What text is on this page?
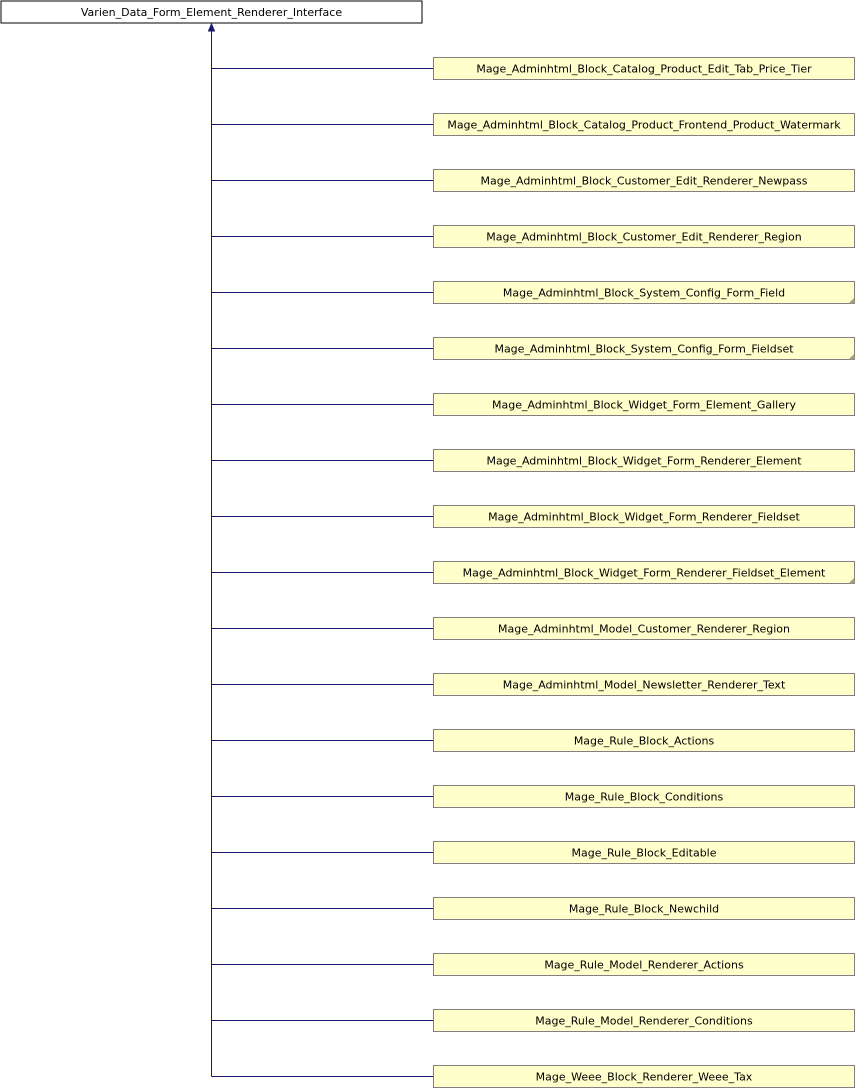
Varien_Data_Form_Element_Renderer_Interface
Mage_Adminhtml_Block_Catalog_Product_Edit_Tab_Price_Tier
Mage_Adminhtml_Block_Catalog_Product_Frontend_Product_Watermark
Mage_Adminhtml_Block_Customer_Edit_Renderer_Newpass
Mage_Adminhtml_Block_Customer_Edit_Renderer_Region
Mage_Adminhtml_Block_System_Config_Form_Field
Mage_Adminhtml_Block_System_Config_Form_Fieldset
Mage_Adminhtml_Block_Widget_Form_Element_Gallery
Mage_Adminhtml_Block_Widget_Form_Renderer_Element
Mage_Adminhtml_Block_Widget_Form_Renderer_Fieldset
Mage_Adminhtml_Block_Widget_Form_Renderer_Fieldset_Element
Mage_Adminhtml_Model_Customer_Renderer_Region
Mage_Adminhtml_Model_Newsletter_Renderer_Text
Mage_Rule_Block_Actions
Mage_Rule_Block_Conditions
Mage_Rule_Block_Editable
Mage_Rule_Block_Newchild
Mage_Rule_Model_Renderer_Actions
Mage_Rule_Model_Renderer_Conditions
Mage_Weee_Block_Renderer_Weee_Tax
